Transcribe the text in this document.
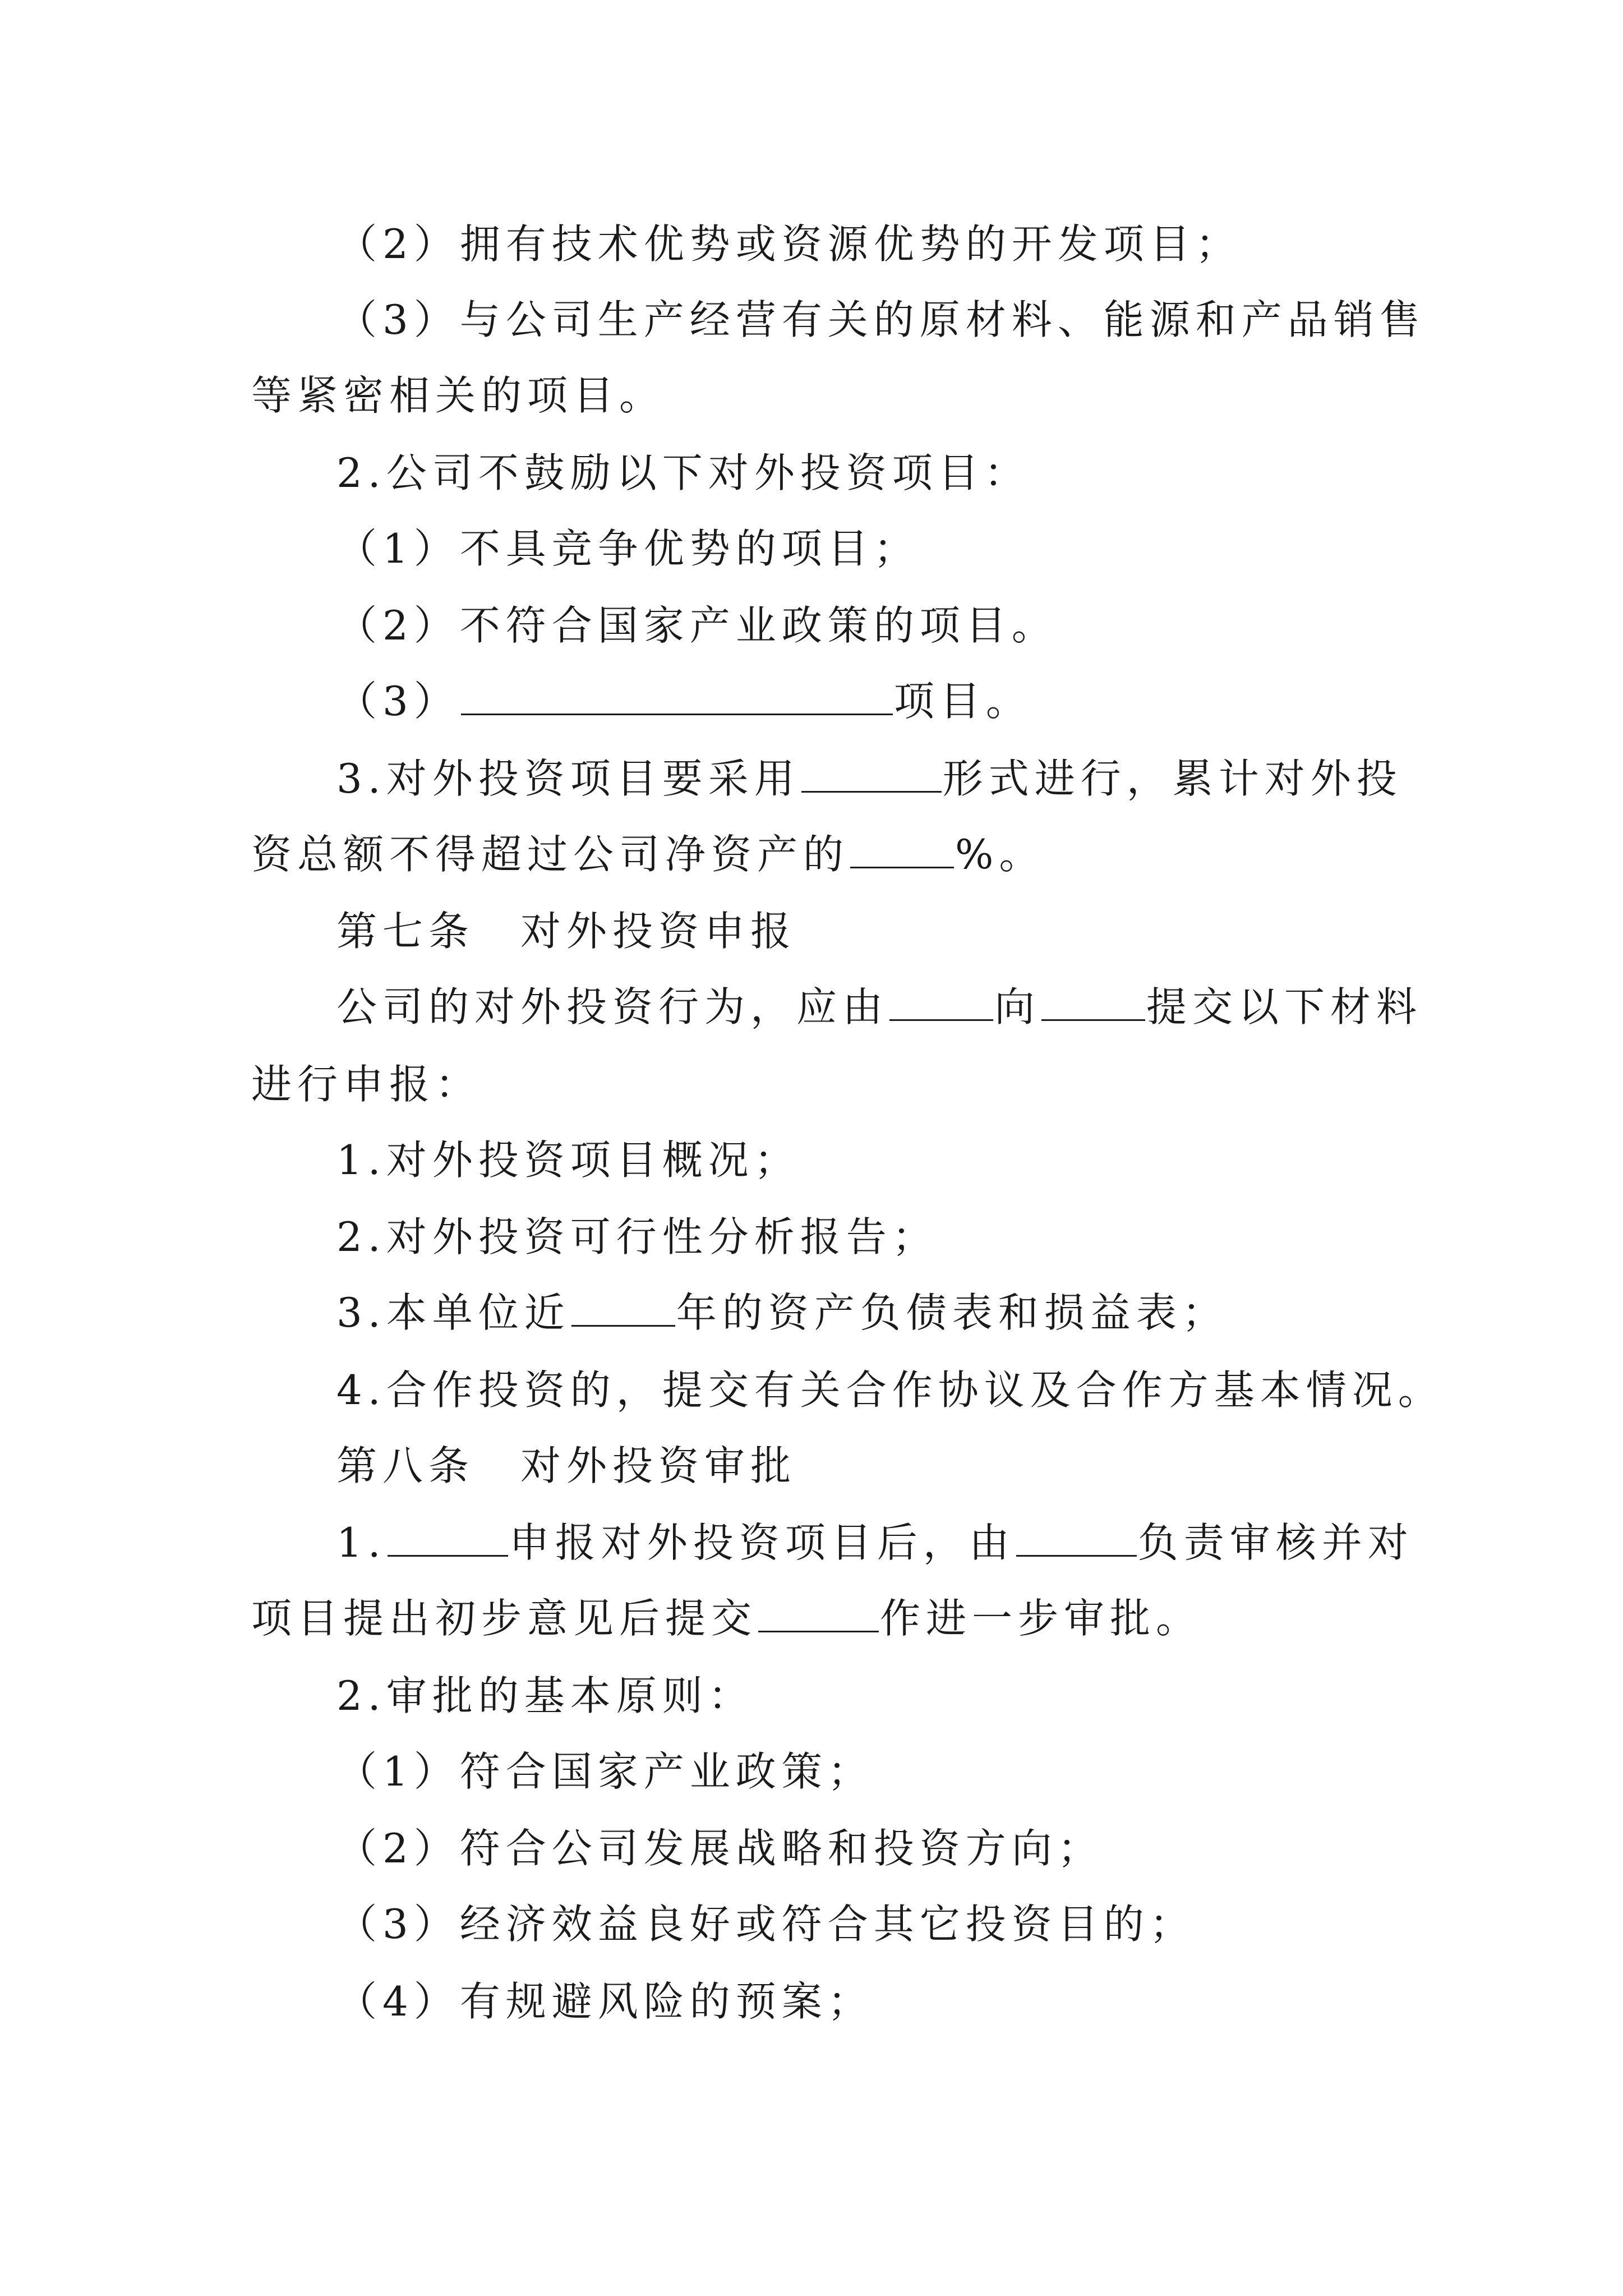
（2）拥有技术优势或资源优势的开发项目；
（3）与公司生产经营有关的原材料、能源和产品销售
等紧密相关的项目。
2.公司不鼓励以下对外投资项目：
（1）不具竞争优势的项目；
（2）不符合国家产业政策的项目。
（3）	项目。
3.对外投资项目要采用	形式进行，累计对外投
资总额不得超过公司净资产的	%。
第七条　对外投资申报
公司的对外投资行为，应由	向	提交以下材料
进行申报：
1.对外投资项目概况；
2.对外投资可行性分析报告；
3.本单位近	年的资产负债表和损益表；
4.合作投资的，提交有关合作协议及合作方基本情况。
第八条　对外投资审批
1.	申报对外投资项目后，由	负责审核并对
项目提出初步意见后提交	作进一步审批。
2.审批的基本原则：
（1）符合国家产业政策；
（2）符合公司发展战略和投资方向；
（3）经济效益良好或符合其它投资目的；
（4）有规避风险的预案；
